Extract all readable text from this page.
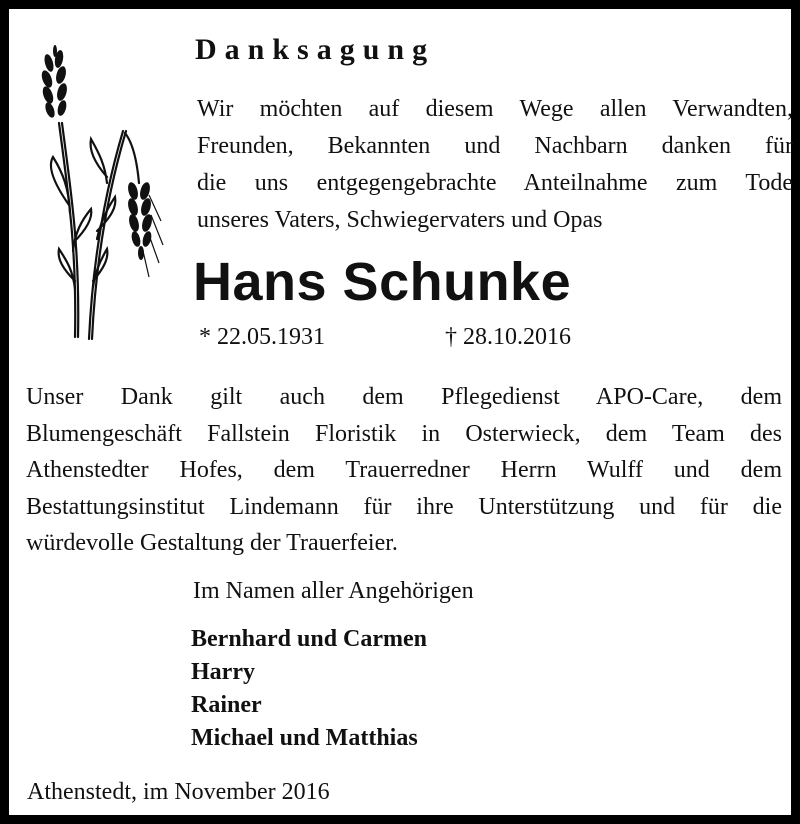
Danksagung
Wir möchten auf diesem Wege allen Verwandten,
Freunden, Bekannten und Nachbarn danken für
die uns entgegengebrachte Anteilnahme zum Tode
unseres Vaters, Schwiegervaters und Opas
Hans Schunke
* 22.05.1931	† 28.10.2016
Unser Dank gilt auch dem Pflegedienst APO-Care, dem
Blumengeschäft Fallstein Floristik in Osterwieck, dem Team des
Athenstedter Hofes, dem Trauerredner Herrn Wulff und dem
Bestattungsinstitut Lindemann für ihre Unterstützung und für die
würdevolle Gestaltung der Trauerfeier.
Im Namen aller Angehörigen
Bernhard und Carmen
Harry
Rainer
Michael und Matthias
Athenstedt, im November 2016
